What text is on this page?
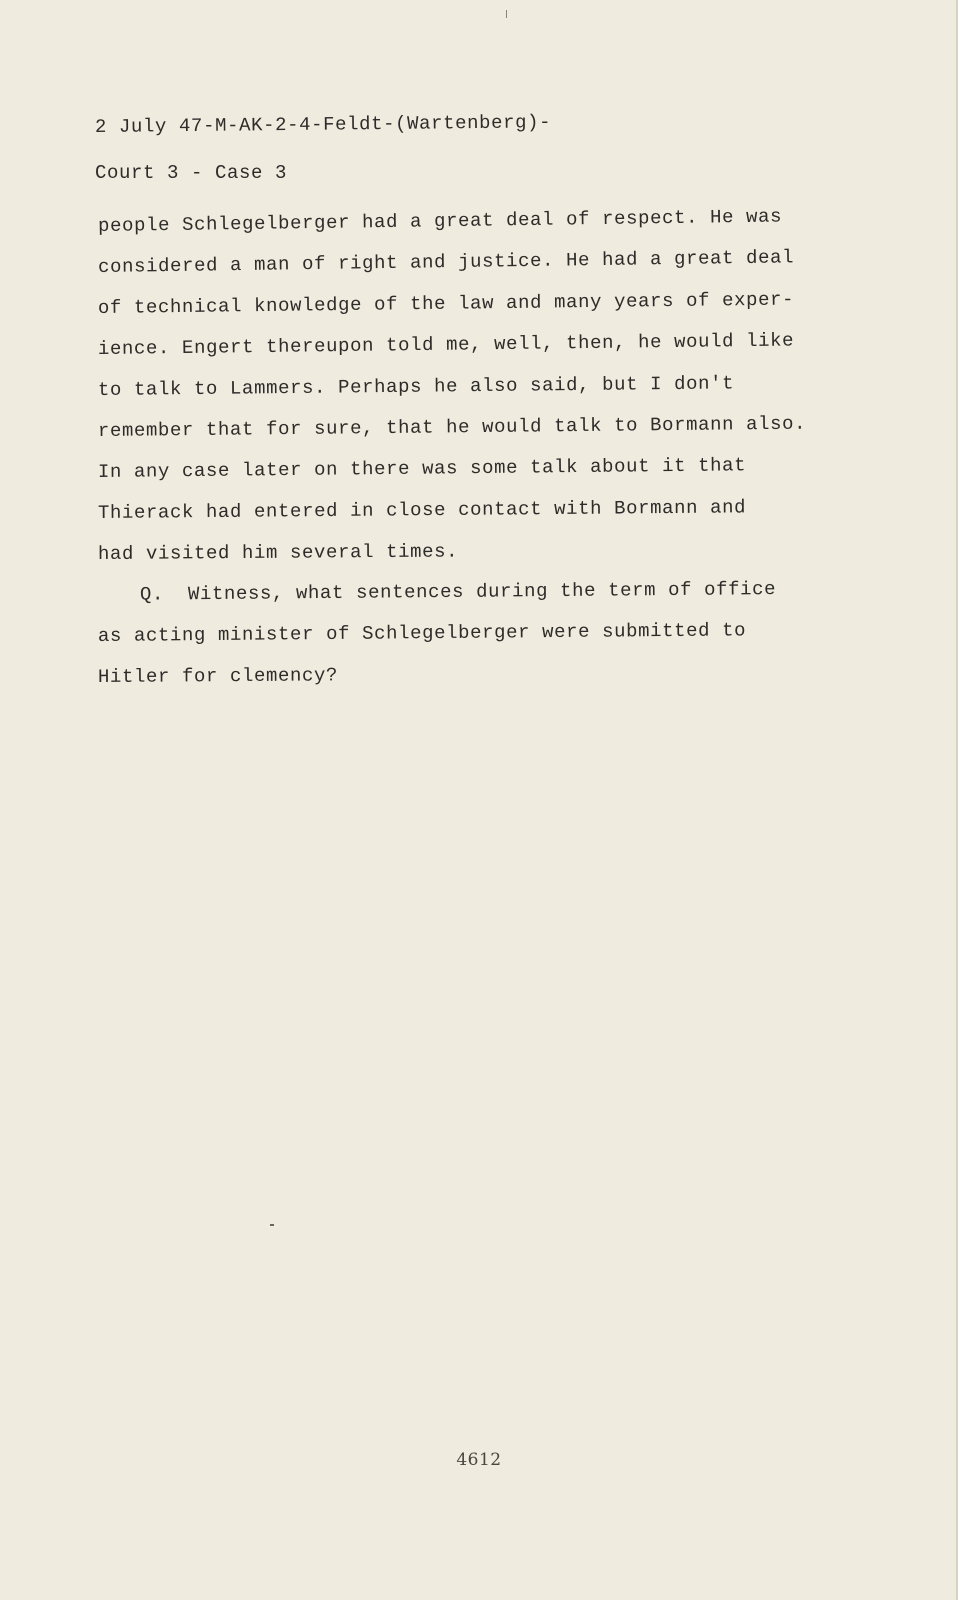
2 July 47-M-AK-2-4-Feldt-(Wartenberg)-
Court 3 - Case 3
people Schlegelberger had a great deal of respect. He was
considered a man of right and justice. He had a great deal
of technical knowledge of the law and many years of exper-
ience. Engert thereupon told me, well, then, he would like
to talk to Lammers. Perhaps he also said, but I don't
remember that for sure, that he would talk to Bormann also.
In any case later on there was some talk about it that
Thierack had entered in close contact with Bormann and
had visited him several times.
Q.  Witness, what sentences during the term of office
as acting minister of Schlegelberger were submitted to
Hitler for clemency?
4612
